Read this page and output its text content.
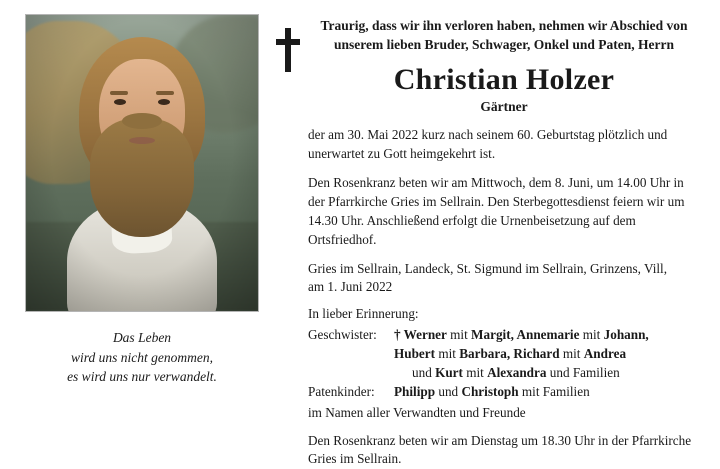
Das Leben
wird uns nicht genommen,
es wird uns nur verwandelt.
Traurig, dass wir ihn verloren haben, nehmen wir Abschied von
unserem lieben Bruder, Schwager, Onkel und Paten, Herrn
Christian Holzer
Gärtner

der am 30. Mai 2022 kurz nach seinem 60. Geburtstag plötzlich und unerwartet zu Gott heimgekehrt ist.

Den Rosenkranz beten wir am Mittwoch, dem 8. Juni, um 14.00 Uhr in der Pfarrkirche Gries im Sellrain. Den Sterbegottesdienst feiern wir um 14.30 Uhr. Anschließend erfolgt die Urnenbeisetzung auf dem Ortsfriedhof.

Gries im Sellrain, Landeck, St. Sigmund im Sellrain, Grinzens, Vill,
am 1. Juni 2022

In lieber Erinnerung:
Geschwister:	† Werner mit Margit, Annemarie mit Johann,
Hubert mit Barbara, Richard mit Andrea
und Kurt mit Alexandra und Familien
Patenkinder:	Philipp und Christoph mit Familien
im Namen aller Verwandten und Freunde

Den Rosenkranz beten wir am Dienstag um 18.30 Uhr in der Pfarrkirche Gries im Sellrain.
